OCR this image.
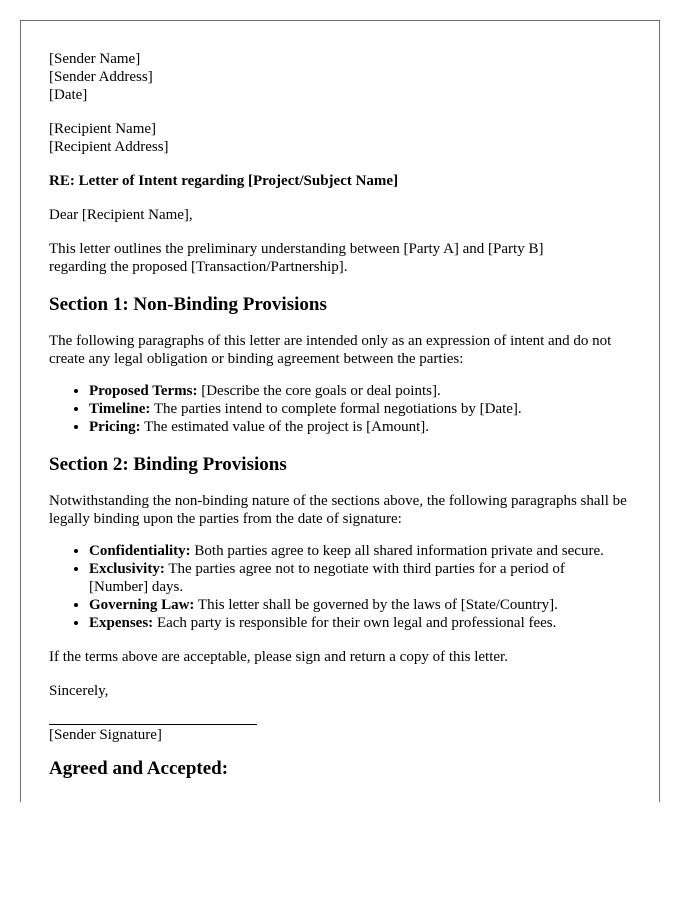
[Sender Name]
[Sender Address]
[Date]
[Recipient Name]
[Recipient Address]

RE: Letter of Intent regarding [Project/Subject Name]

Dear [Recipient Name],

This letter outlines the preliminary understanding between [Party A] and [Party B] regarding the proposed [Transaction/Partnership].

Section 1: Non-Binding Provisions

The following paragraphs of this letter are intended only as an expression of intent and do not create any legal obligation or binding agreement between the parties:

• Proposed Terms: [Describe the core goals or deal points].
• Timeline: The parties intend to complete formal negotiations by [Date].
• Pricing: The estimated value of the project is [Amount].
Section 2: Binding Provisions

Notwithstanding the non-binding nature of the sections above, the following paragraphs shall be legally binding upon the parties from the date of signature:

• Confidentiality: Both parties agree to keep all shared information private and secure.
• Exclusivity: The parties agree not to negotiate with third parties for a period of [Number] days.
• Governing Law: This letter shall be governed by the laws of [State/Country].
• Expenses: Each party is responsible for their own legal and professional fees.

If the terms above are acceptable, please sign and return a copy of this letter.

Sincerely,

[Sender Signature]

Agreed and Accepted:
